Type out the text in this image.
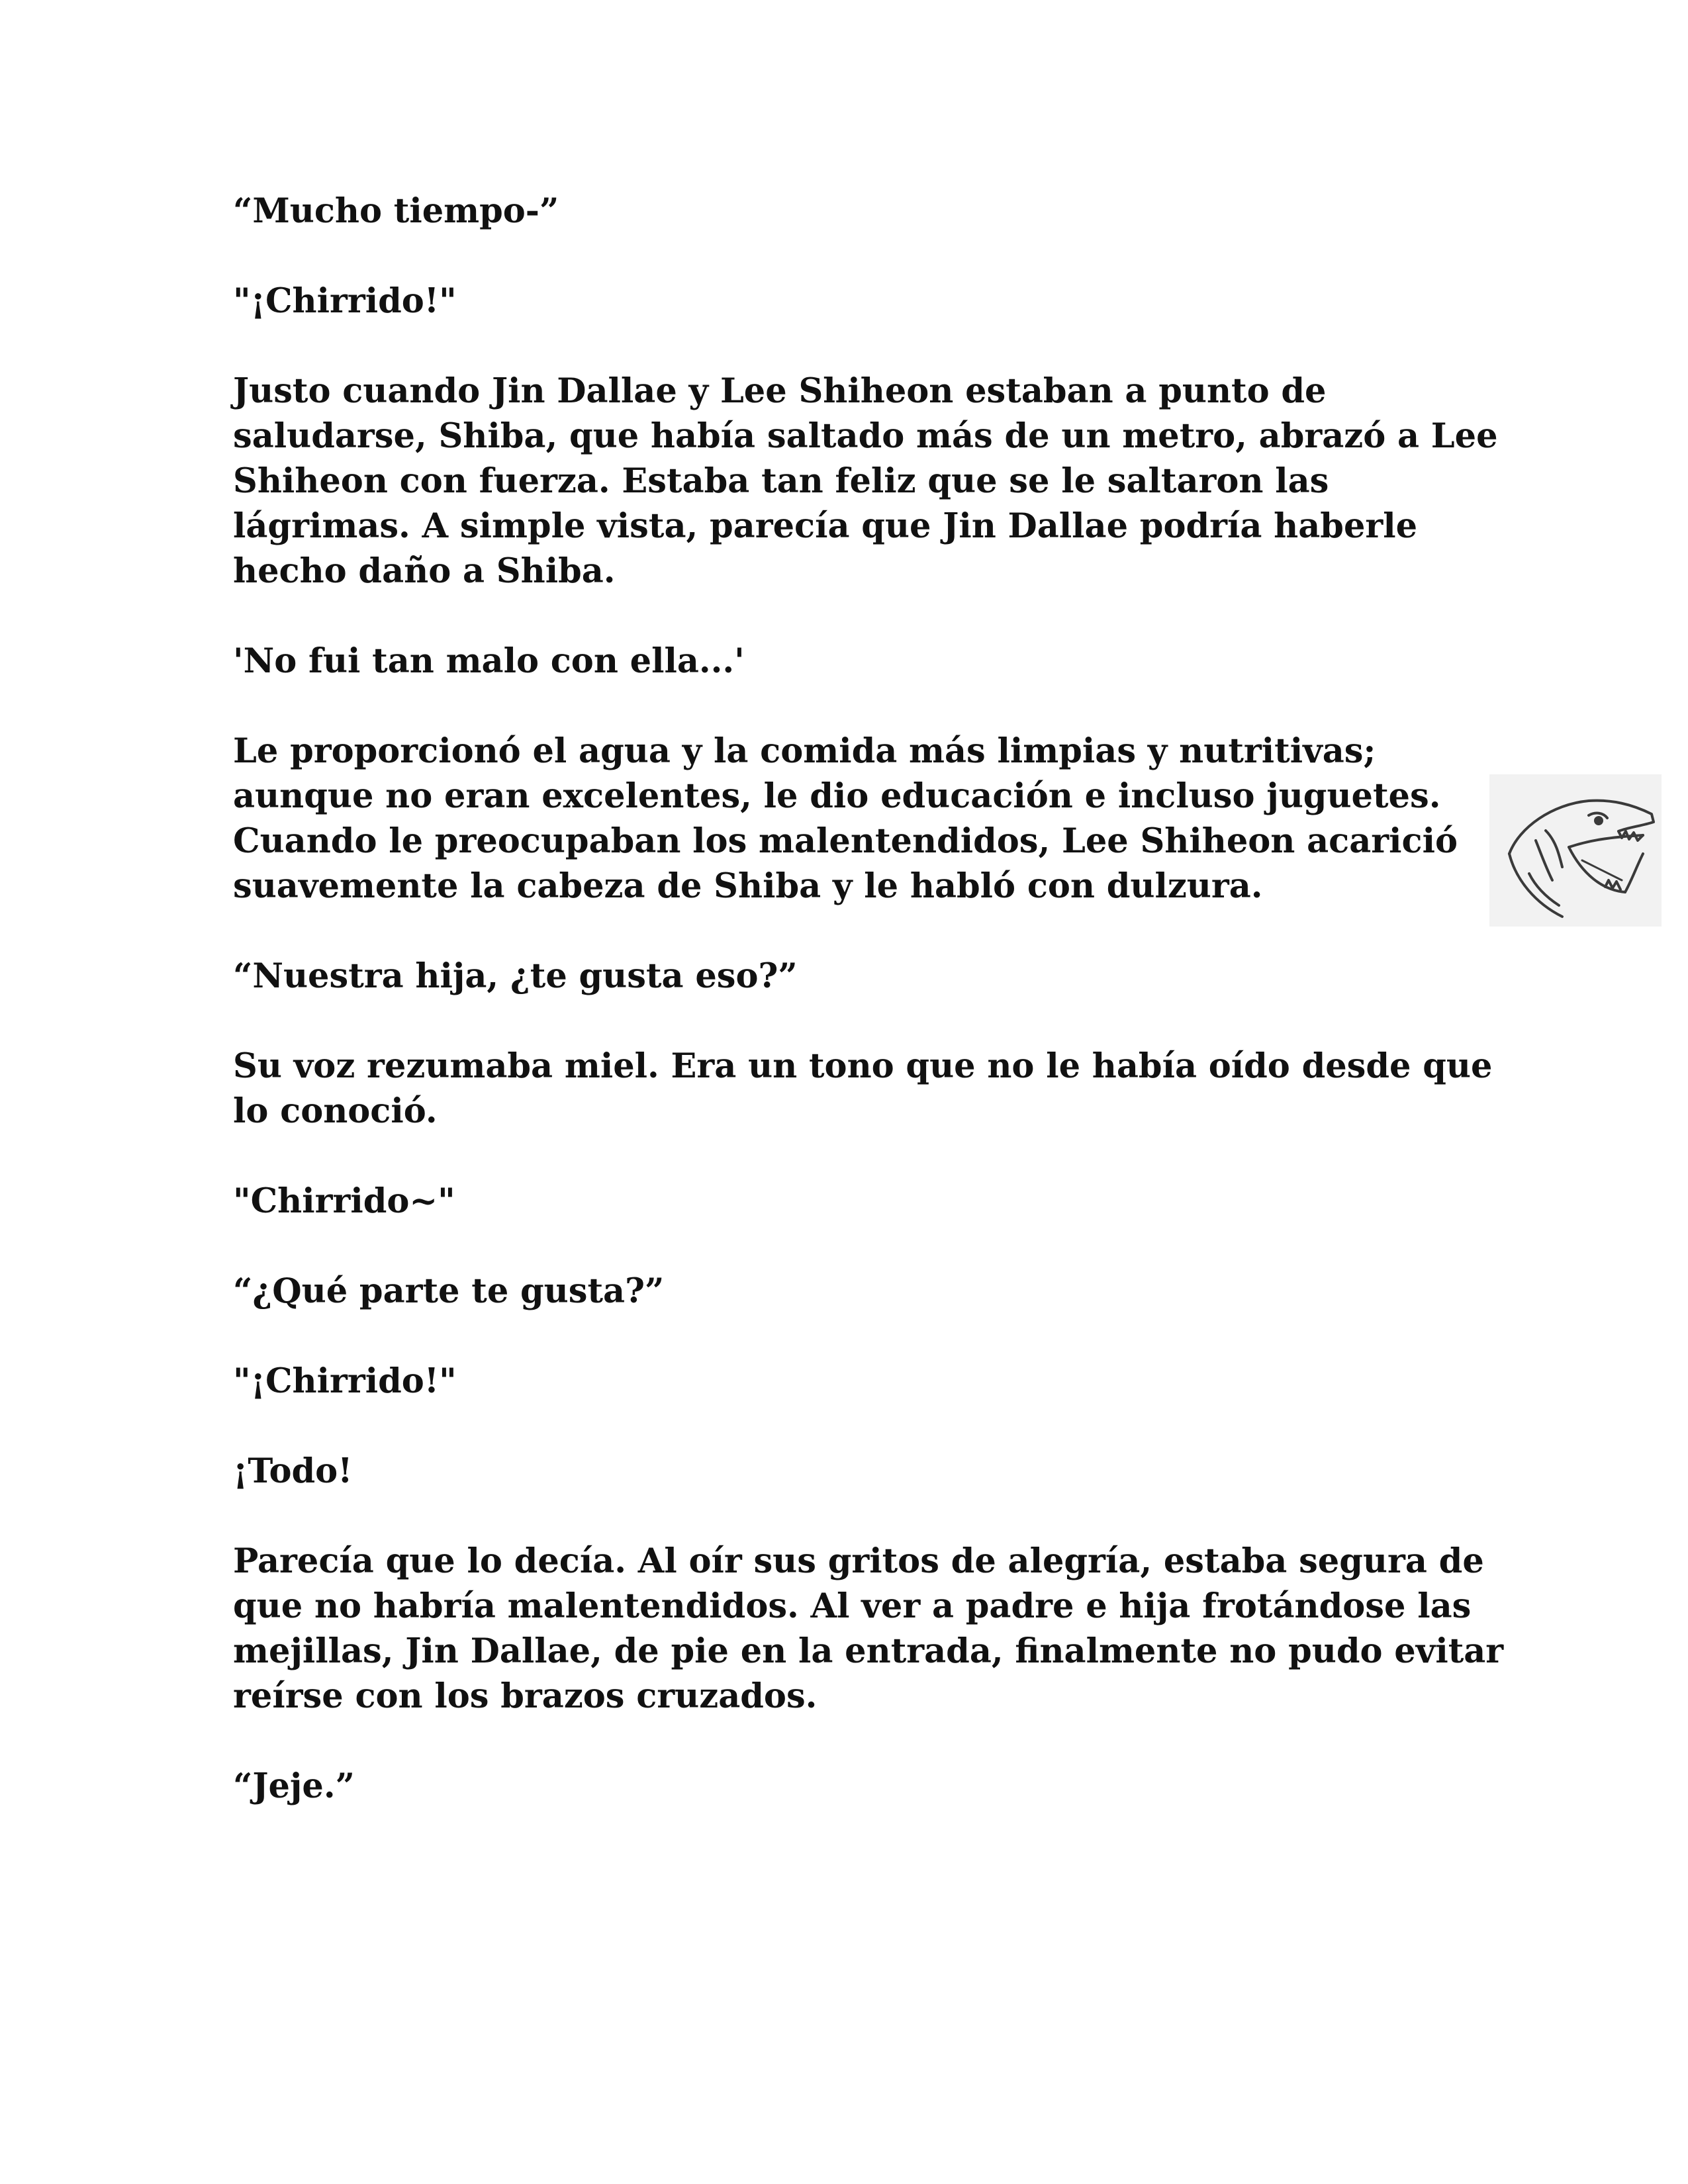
“Mucho tiempo-”

"¡Chirrido!"

Justo cuando Jin Dallae y Lee Shiheon estaban a punto de saludarse, Shiba, que había saltado más de un metro, abrazó a Lee Shiheon con fuerza. Estaba tan feliz que se le saltaron las lágrimas. A simple vista, parecía que Jin Dallae podría haberle hecho daño a Shiba.

'No fui tan malo con ella...'

Le proporcionó el agua y la comida más limpias y nutritivas; aunque no eran excelentes, le dio educación e incluso juguetes. Cuando le preocupaban los malentendidos, Lee Shiheon acarició suavemente la cabeza de Shiba y le habló con dulzura.

“Nuestra hija, ¿te gusta eso?”

Su voz rezumaba miel. Era un tono que no le había oído desde que lo conoció.

"Chirrido~"

“¿Qué parte te gusta?”

"¡Chirrido!"

¡Todo!

Parecía que lo decía. Al oír sus gritos de alegría, estaba segura de que no habría malentendidos. Al ver a padre e hija frotándose las mejillas, Jin Dallae, de pie en la entrada, finalmente no pudo evitar reírse con los brazos cruzados.

“Jeje.”
